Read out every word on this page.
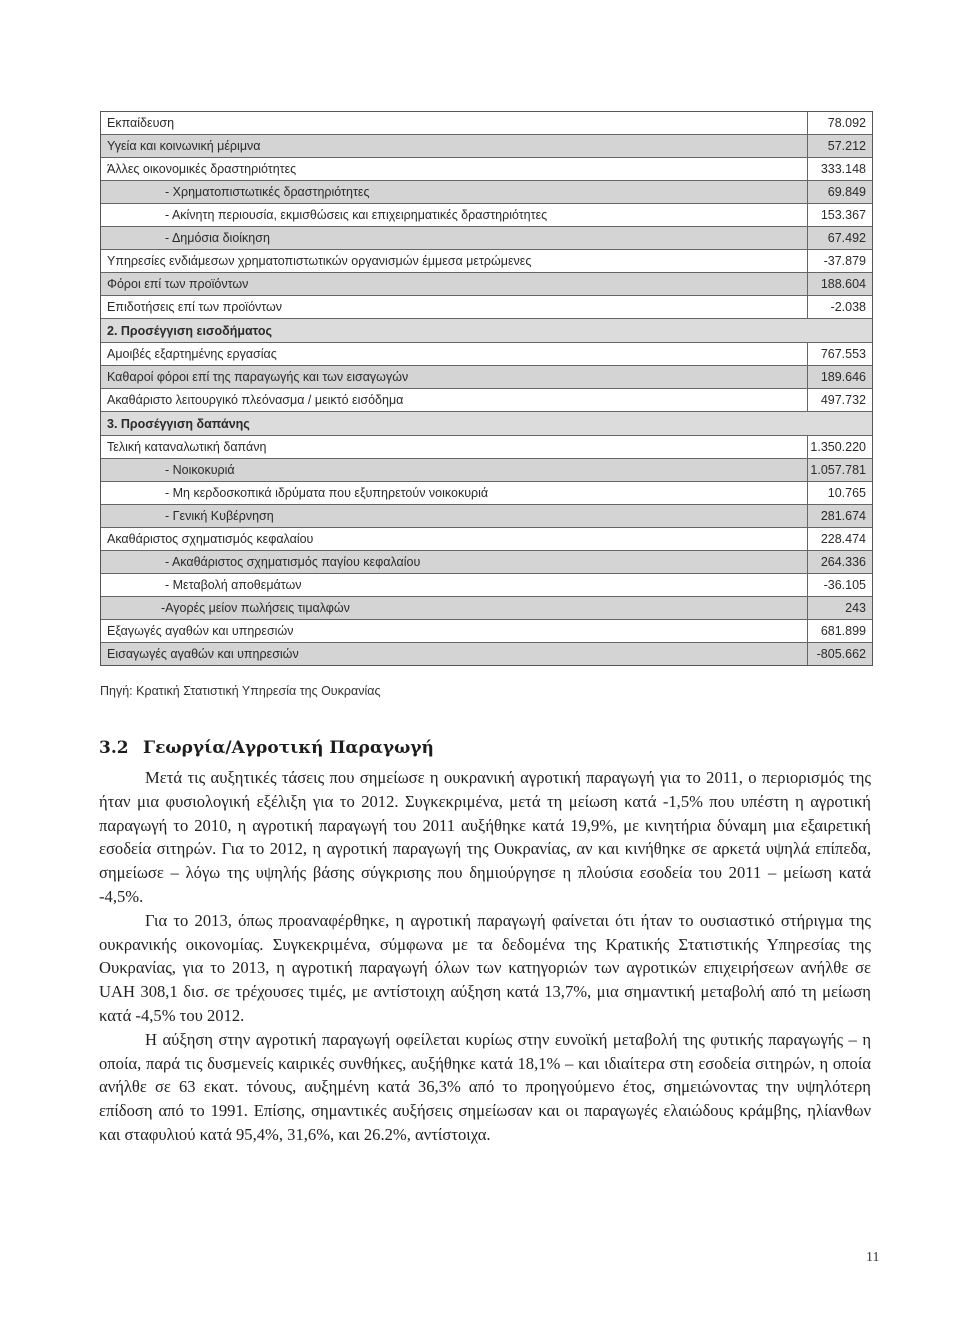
Εκπαίδευση	78.092
Υγεία και κοινωνική μέριμνα	57.212
Άλλες οικονομικές δραστηριότητες	333.148
- Χρηματοπιστωτικές δραστηριότητες	69.849
- Ακίνητη περιουσία, εκμισθώσεις και επιχειρηματικές δραστηριότητες	153.367
- Δημόσια διοίκηση	67.492
Υπηρεσίες ενδιάμεσων χρηματοπιστωτικών οργανισμών έμμεσα μετρώμενες	-37.879
Φόροι επί των προϊόντων	188.604
Επιδοτήσεις επί των προϊόντων	-2.038
2. Προσέγγιση εισοδήματος
Αμοιβές εξαρτημένης εργασίας	767.553
Καθαροί φόροι επί της παραγωγής και των εισαγωγών	189.646
Ακαθάριστο λειτουργικό πλεόνασμα / μεικτό εισόδημα	497.732
3. Προσέγγιση δαπάνης
Τελική καταναλωτική δαπάνη	1.350.220
- Νοικοκυριά	1.057.781
- Μη κερδοσκοπικά ιδρύματα που εξυπηρετούν νοικοκυριά	10.765
- Γενική Κυβέρνηση	281.674
Ακαθάριστος σχηματισμός κεφαλαίου	228.474
- Ακαθάριστος σχηματισμός παγίου κεφαλαίου	264.336
- Μεταβολή αποθεμάτων	-36.105
-Αγορές μείον πωλήσεις τιμαλφών	243
Εξαγωγές αγαθών και υπηρεσιών	681.899
Εισαγωγές αγαθών και υπηρεσιών	-805.662
Πηγή: Κρατική Στατιστική Υπηρεσία της Ουκρανίας
3.2 Γεωργία/Αγροτική Παραγωγή

Μετά τις αυξητικές τάσεις που σημείωσε η ουκρανική αγροτική παραγωγή για το 2011, ο περιορισμός της ήταν μια φυσιολογική εξέλιξη για το 2012. Συγκεκριμένα, μετά τη μείωση κατά -1,5% που υπέστη η αγροτική παραγωγή το 2010, η αγροτική παραγωγή του 2011 αυξήθηκε κατά 19,9%, με κινητήρια δύναμη μια εξαιρετική εσοδεία σιτηρών. Για το 2012, η αγροτική παραγωγή της Ουκρανίας, αν και κινήθηκε σε αρκετά υψηλά επίπεδα, σημείωσε – λόγω της υψηλής βάσης σύγκρισης που δημιούργησε η πλούσια εσοδεία του 2011 – μείωση κατά -4,5%.

Για το 2013, όπως προαναφέρθηκε, η αγροτική παραγωγή φαίνεται ότι ήταν το ουσιαστικό στήριγμα της ουκρανικής οικονομίας. Συγκεκριμένα, σύμφωνα με τα δεδομένα της Κρατικής Στατιστικής Υπηρεσίας της Ουκρανίας, για το 2013, η αγροτική παραγωγή όλων των κατηγοριών των αγροτικών επιχειρήσεων ανήλθε σε UAH 308,1 δισ. σε τρέχουσες τιμές, με αντίστοιχη αύξηση κατά 13,7%, μια σημαντική μεταβολή από τη μείωση κατά -4,5% του 2012.

Η αύξηση στην αγροτική παραγωγή οφείλεται κυρίως στην ευνοϊκή μεταβολή της φυτικής παραγωγής – η οποία, παρά τις δυσμενείς καιρικές συνθήκες, αυξήθηκε κατά 18,1% – και ιδιαίτερα στη εσοδεία σιτηρών, η οποία ανήλθε σε 63 εκατ. τόνους, αυξημένη κατά 36,3% από το προηγούμενο έτος, σημειώνοντας την υψηλότερη επίδοση από το 1991. Επίσης, σημαντικές αυξήσεις σημείωσαν και οι παραγωγές ελαιώδους κράμβης, ηλίανθων και σταφυλιού κατά 95,4%, 31,6%, και 26.2%, αντίστοιχα.

11
